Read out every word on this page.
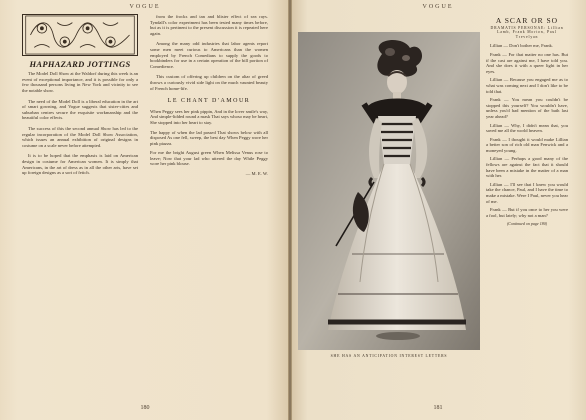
VOGUE
HAPHAZARD JOTTINGS

The Model Doll Show at the Waldorf during this week is an event of exceptional importance, and it is possible for only a few thousand persons living in New York and vicinity to see the notable show.

The need of the Model Doll is a liberal education in the art of smart gowning, and Vogue suggests that sister-cities and suburban centres secure the exquisite workmanship and the beautiful color effects.

The success of this the second annual Show has led to the regular incorporation of the Model Doll Show Association, which issues an annual exhibition of original designs in costume on a scale never before attempted.

It is to be hoped that the emphasis is laid on American design in costume for American women. It is simply that Americans, in the art of dress as in all the other arts, have set up foreign designs as a sort of fetich.

from the frocks and tan and blister effect of sea rays. Tyndall's color experiment has been tested many times before, but as it is pertinent to the present discussion it is repeated here again.

Among the many odd industries that labor agents report some men meet curious to Americans than the women employed by French Comedians to supply the goods to bookbinders for use in a certain operation of the bill portion of Comedience.

This custom of offering up children on the altar of greed throws a curiously vivid side light on the much vaunted beauty of French home-life.

LE CHANT D'AMOUR

When Peggy sees her pink pippin, And in the lover smile's way, And simple-lidded round a mask That says whoso may be heart, She stopped into her heart to stay.

The happy of when the lad passed That shows below with all disposed As one fell, sweep, the best day When Peggy wore her pink piazza.

For me the bright August green When Melissa Venus rose to leave; Now that your lad who uttered the day While Peggy wore her pink blouse.

— M. E. W.
180
VOGUE
SHE HAS AN ANTICIPATION INTEREST LETTERS
A SCAR OR SO
DRAMATIS PERSONAE: Lillian Lamb, Frank Morton, Paul Trevelyan

Lillian — Don't bother me, Frank.

Frank — For that matter no one has. But if the cast are against me, I have told you. And she does it with a queer light in her eyes.

Lillian — Because you engaged me as to what was coming next and I don't like to be told that.

Frank — You mean you couldn't be stopped this yourself? You wouldn't have, unless you'd had mention of the bath last year ahead?

Lillian — Why, I didn't mean that, you saved me all the world heaven.

Frank — I thought it would make Lillian a better son of rich old man Fenwick and a moneyed young.

Lillian — Perhaps a good many of the fellows are against the fact that it should have been a mistake in the matter of a man with her.

Lillian — I'll see that I knew you would take the chance, Paul, and I have the time to make a mistake. Were I Paul, never you hear of me.

Frank — But if you once to her you were a fool, but lately; why not a man?

(Continued on page 180)
181
